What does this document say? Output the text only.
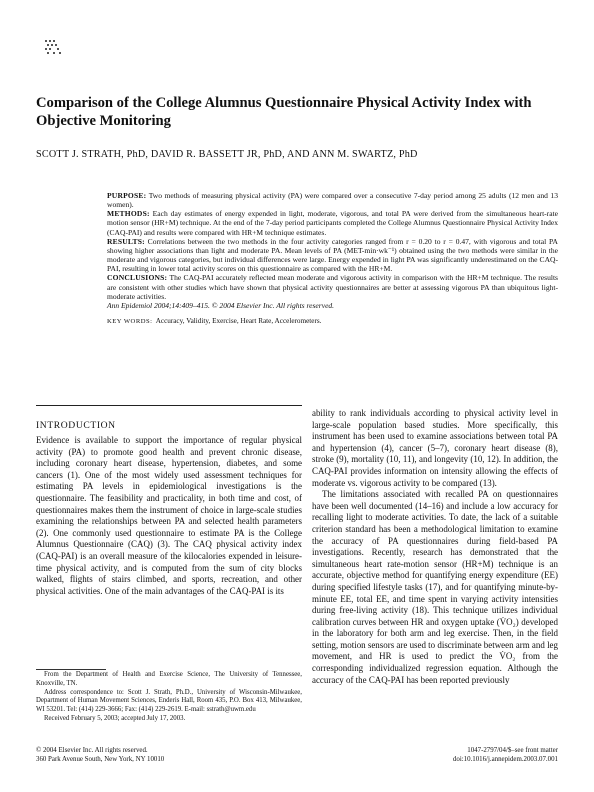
Comparison of the College Alumnus Questionnaire Physical Activity Index with Objective Monitoring
SCOTT J. STRATH, PhD, DAVID R. BASSETT JR, PhD, AND ANN M. SWARTZ, PhD

PURPOSE: Two methods of measuring physical activity (PA) were compared over a consecutive 7-day period among 25 adults (12 men and 13 women).

METHODS: Each day estimates of energy expended in light, moderate, vigorous, and total PA were derived from the simultaneous heart-rate motion sensor (HR+M) technique. At the end of the 7-day period participants completed the College Alumnus Questionnaire Physical Activity Index (CAQ-PAI) and results were compared with HR+M technique estimates.

RESULTS: Correlations between the two methods in the four activity categories ranged from r = 0.20 to r = 0.47, with vigorous and total PA showing higher associations than light and moderate PA. Mean levels of PA (MET-min·wk⁻¹) obtained using the two methods were similar in the moderate and vigorous categories, but individual differences were large. Energy expended in light PA was significantly underestimated on the CAQ-PAI, resulting in lower total activity scores on this questionnaire as compared with the HR+M.

CONCLUSIONS: The CAQ-PAI accurately reflected mean moderate and vigorous activity in comparison with the HR+M technique. The results are consistent with other studies which have shown that physical activity questionnaires are better at assessing vigorous PA than ubiquitous light-moderate activities.

Ann Epidemiol 2004;14:409–415. © 2004 Elsevier Inc. All rights reserved.

KEY WORDS: Accuracy, Validity, Exercise, Heart Rate, Accelerometers.

INTRODUCTION

Evidence is available to support the importance of regular physical activity (PA) to promote good health and prevent chronic disease, including coronary heart disease, hypertension, diabetes, and some cancers (1). One of the most widely used assessment techniques for estimating PA levels in epidemiological investigations is the questionnaire. The feasibility and practicality, in both time and cost, of questionnaires makes them the instrument of choice in large-scale studies examining the relationships between PA and selected health parameters (2). One commonly used questionnaire to estimate PA is the College Alumnus Questionnaire (CAQ) (3). The CAQ physical activity index (CAQ-PAI) is an overall measure of the kilocalories expended in leisure-time physical activity, and is computed from the sum of city blocks walked, flights of stairs climbed, and sports, recreation, and other physical activities. One of the main advantages of the CAQ-PAI is its

ability to rank individuals according to physical activity level in large-scale population based studies. More specifically, this instrument has been used to examine associations between total PA and hypertension (4), cancer (5–7), coronary heart disease (8), stroke (9), mortality (10, 11), and longevity (10, 12). In addition, the CAQ-PAI provides information on intensity allowing the effects of moderate vs. vigorous activity to be compared (13).

The limitations associated with recalled PA on questionnaires have been well documented (14–16) and include a low accuracy for recalling light to moderate activities. To date, the lack of a suitable criterion standard has been a methodological limitation to examine the accuracy of PA questionnaires during field-based PA investigations. Recently, research has demonstrated that the simultaneous heart rate-motion sensor (HR+M) technique is an accurate, objective method for quantifying energy expenditure (EE) during specified lifestyle tasks (17), and for quantifying minute-by-minute EE, total EE, and time spent in varying activity intensities during free-living activity (18). This technique utilizes individual calibration curves between HR and oxygen uptake (V̇O₂) developed in the laboratory for both arm and leg exercise. Then, in the field setting, motion sensors are used to discriminate between arm and leg movement, and HR is used to predict the V̇O₂ from the corresponding individualized regression equation. Although the accuracy of the CAQ-PAI has been reported previously

From the Department of Health and Exercise Science, The University of Tennessee, Knoxville, TN.

Address correspondence to: Scott J. Strath, Ph.D., University of Wisconsin-Milwaukee, Department of Human Movement Sciences, Enderis Hall, Room 435, P.O. Box 413, Milwaukee, WI 53201. Tel: (414) 229-3666; Fax: (414) 229-2619. E-mail: sstrath@uwm.edu

Received February 5, 2003; accepted July 17, 2003.

© 2004 Elsevier Inc. All rights reserved.

360 Park Avenue South, New York, NY 10010

1047-2797/04/$–see front matter

doi:10.1016/j.annepidem.2003.07.001
